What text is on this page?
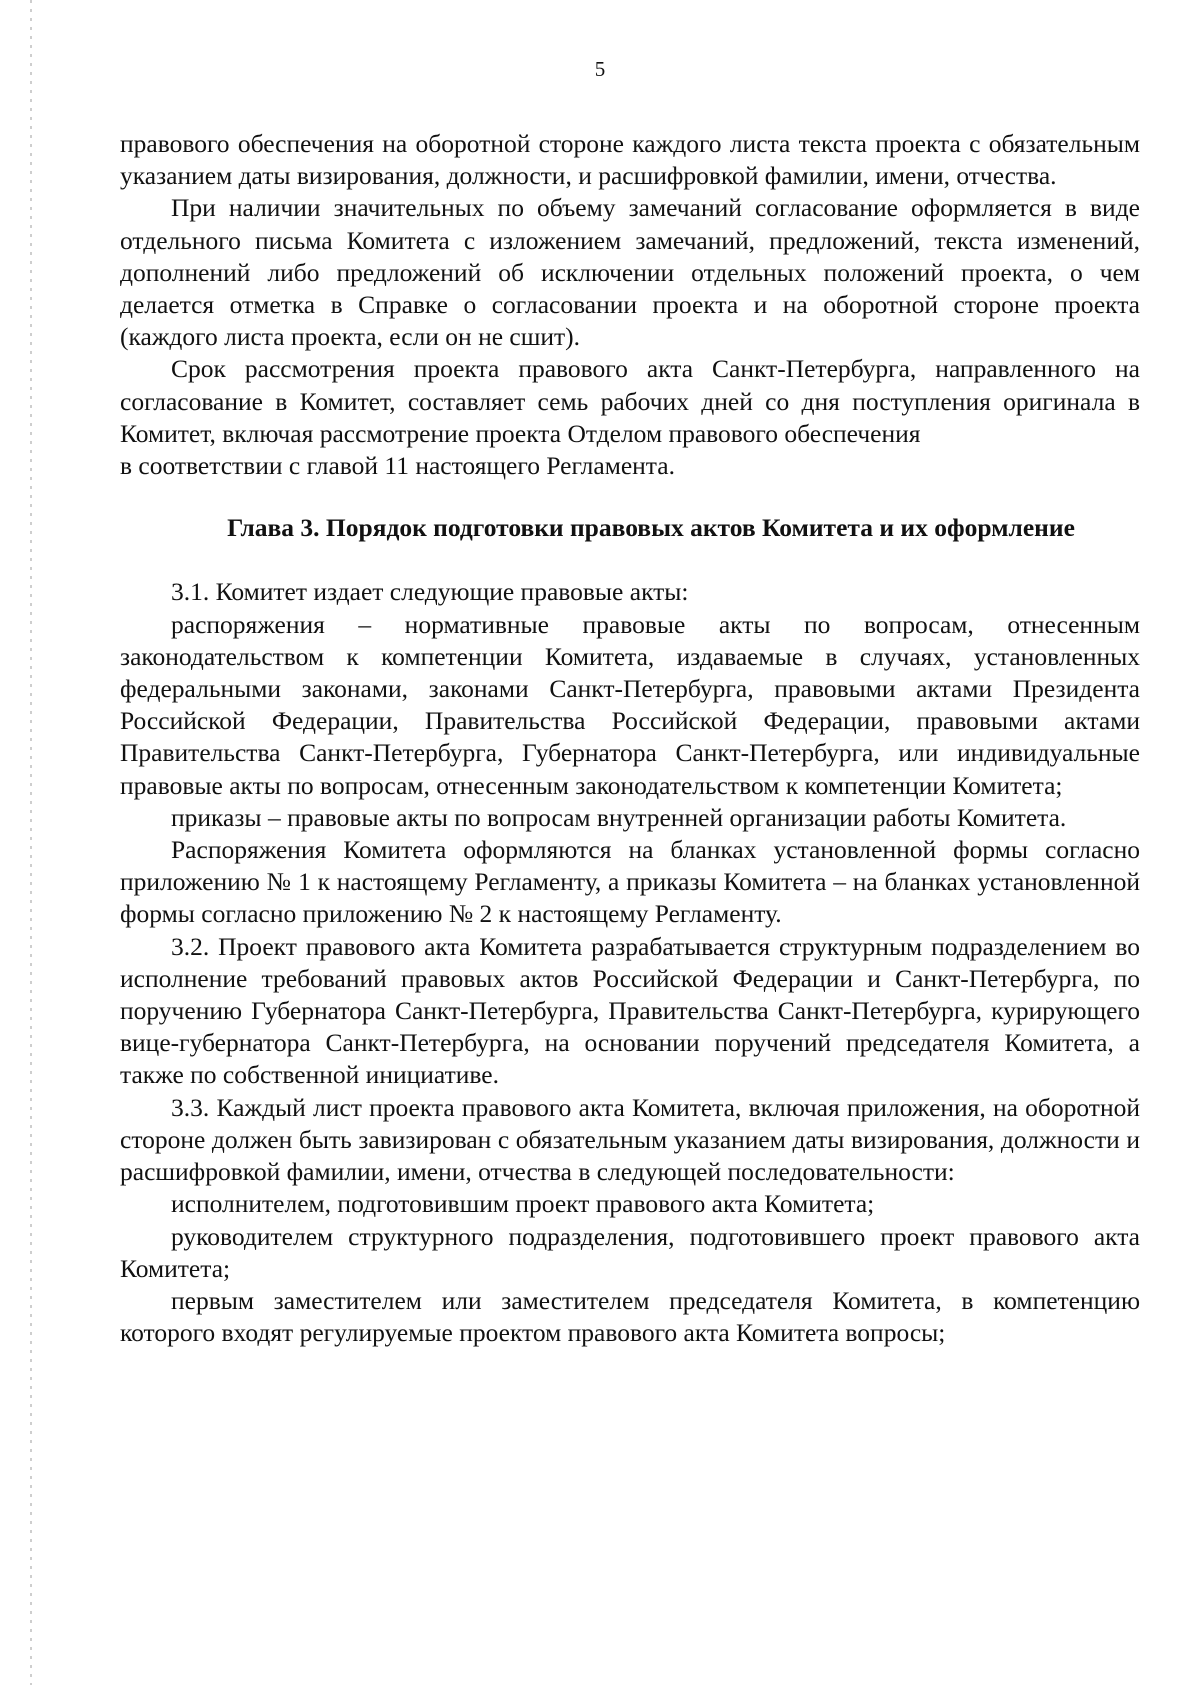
5

правового обеспечения на оборотной стороне каждого листа текста проекта с обязательным указанием даты визирования, должности, и расшифровкой фамилии, имени, отчества.

При наличии значительных по объему замечаний согласование оформляется в виде отдельного письма Комитета с изложением замечаний, предложений, текста изменений, дополнений либо предложений об исключении отдельных положений проекта, о чем делается отметка в Справке о согласовании проекта и на оборотной стороне проекта (каждого листа проекта, если он не сшит).

Срок рассмотрения проекта правового акта Санкт-Петербурга, направленного на согласование в Комитет, составляет семь рабочих дней со дня поступления оригинала в Комитет, включая рассмотрение проекта Отделом правового обеспечения

в соответствии с главой 11 настоящего Регламента.

Глава 3. Порядок подготовки правовых актов Комитета и их оформление

3.1. Комитет издает следующие правовые акты:

распоряжения – нормативные правовые акты по вопросам, отнесенным законодательством к компетенции Комитета, издаваемые в случаях, установленных федеральными законами, законами Санкт-Петербурга, правовыми актами Президента Российской Федерации, Правительства Российской Федерации, правовыми актами Правительства Санкт-Петербурга, Губернатора Санкт-Петербурга, или индивидуальные правовые акты по вопросам, отнесенным законодательством к компетенции Комитета;

приказы – правовые акты по вопросам внутренней организации работы Комитета.

Распоряжения Комитета оформляются на бланках установленной формы согласно приложению № 1 к настоящему Регламенту, а приказы Комитета – на бланках установленной формы согласно приложению № 2 к настоящему Регламенту.

3.2. Проект правового акта Комитета разрабатывается структурным подразделением во исполнение требований правовых актов Российской Федерации и Санкт-Петербурга, по поручению Губернатора Санкт-Петербурга, Правительства Санкт-Петербурга, курирующего вице-губернатора Санкт-Петербурга, на основании поручений председателя Комитета, а также по собственной инициативе.

3.3. Каждый лист проекта правового акта Комитета, включая приложения, на оборотной стороне должен быть завизирован с обязательным указанием даты визирования, должности и расшифровкой фамилии, имени, отчества в следующей последовательности:

исполнителем, подготовившим проект правового акта Комитета;

руководителем структурного подразделения, подготовившего проект правового акта Комитета;

первым заместителем или заместителем председателя Комитета, в компетенцию которого входят регулируемые проектом правового акта Комитета вопросы;
